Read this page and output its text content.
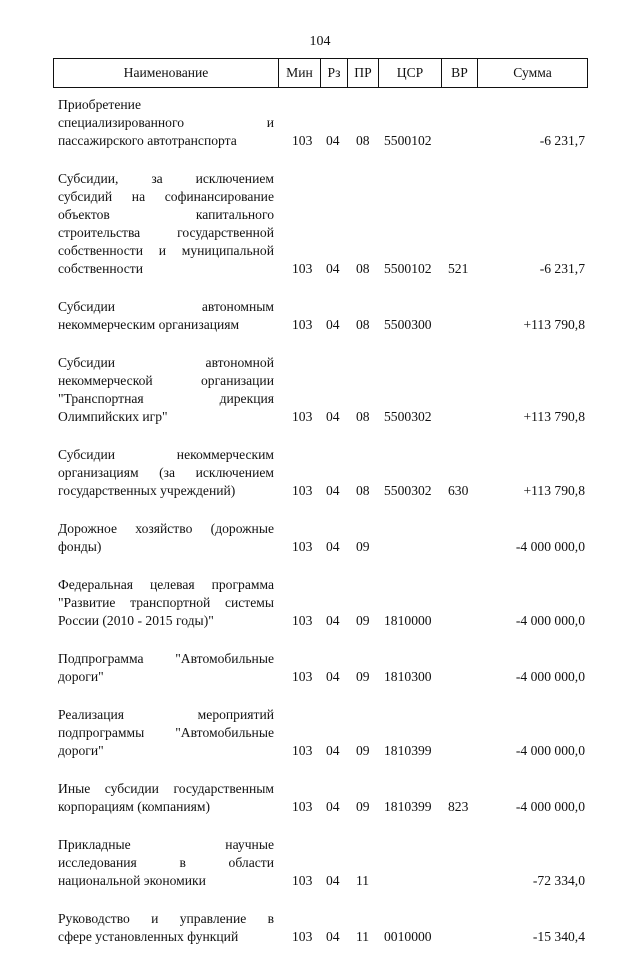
104
Наименование	Мин	Рз	ПР	ЦСР	ВР	Сумма
Приобретение
специализированного и
пассажирского автотранспорта	103 04 08 5500102	-6 231,7
Субсидии, за исключением
субсидий на софинансирование
объектов капитального
строительства государственной
собственности и муниципальной
собственности	103 04 08 5500102 521	-6 231,7
Субсидии автономным
некоммерческим организациям	103 04 08 5500300	+113 790,8
Субсидии автономной
некоммерческой организации
"Транспортная дирекция
Олимпийских игр"	103 04 08 5500302	+113 790,8
Субсидии некоммерческим
организациям (за исключением
государственных учреждений)	103 04 08 5500302 630	+113 790,8
Дорожное хозяйство (дорожные
фонды)	103 04 09	-4 000 000,0
Федеральная целевая программа
"Развитие транспортной системы
России (2010 - 2015 годы)"	103 04 09 1810000	-4 000 000,0
Подпрограмма "Автомобильные
дороги"	103 04 09 1810300	-4 000 000,0
Реализация мероприятий
подпрограммы "Автомобильные
дороги"	103 04 09 1810399	-4 000 000,0
Иные субсидии государственным
корпорациям (компаниям)	103 04 09 1810399 823	-4 000 000,0
Прикладные научные
исследования в области
национальной экономики	103 04 11	-72 334,0
Руководство и управление в
сфере установленных функций	103 04 11 0010000	-15 340,4
